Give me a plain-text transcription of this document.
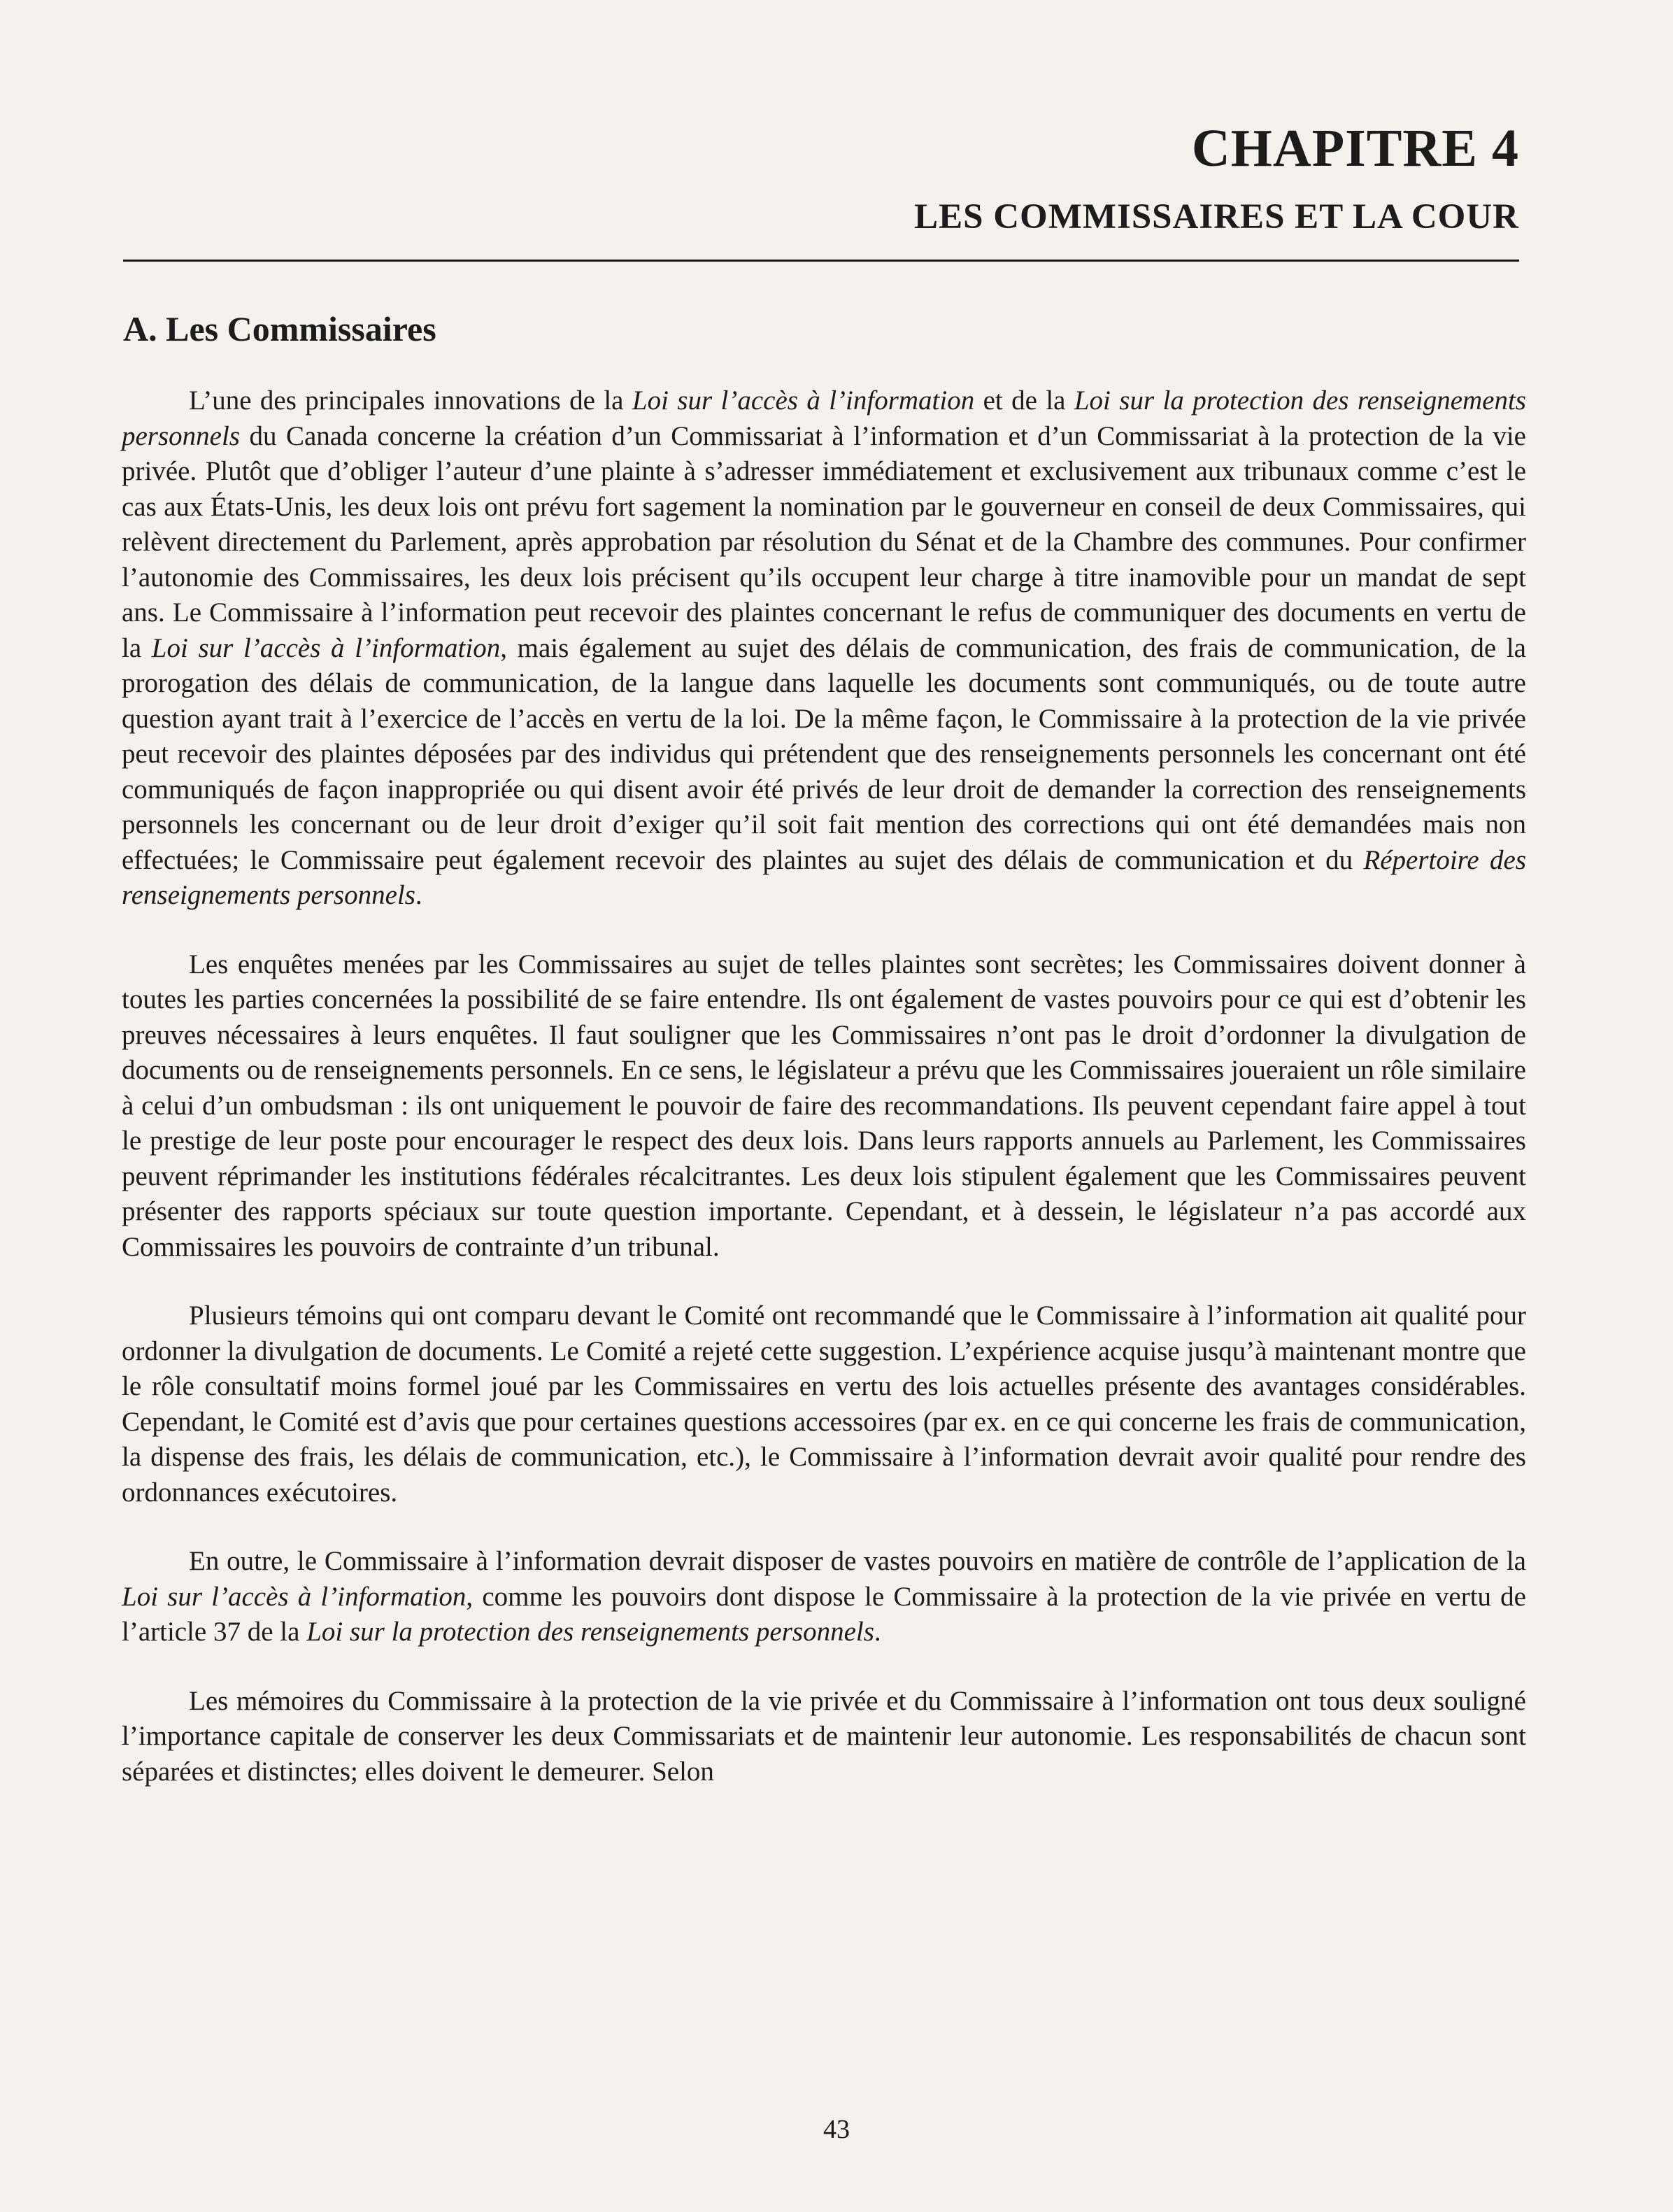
CHAPITRE 4
LES COMMISSAIRES ET LA COUR
A. Les Commissaires

L’une des principales innovations de la Loi sur l’accès à l’information et de la Loi sur la protection des renseignements personnels du Canada concerne la création d’un Commissariat à l’information et d’un Commissariat à la protection de la vie privée. Plutôt que d’obliger l’auteur d’une plainte à s’adresser immédiatement et exclusivement aux tribunaux comme c’est le cas aux États-Unis, les deux lois ont prévu fort sagement la nomination par le gouverneur en conseil de deux Commissaires, qui relèvent directement du Parlement, après approbation par résolution du Sénat et de la Chambre des communes. Pour confirmer l’autonomie des Commissaires, les deux lois précisent qu’ils occupent leur charge à titre inamovible pour un mandat de sept ans. Le Commissaire à l’information peut recevoir des plaintes concernant le refus de communiquer des documents en vertu de la Loi sur l’accès à l’information, mais également au sujet des délais de communication, des frais de communication, de la prorogation des délais de communication, de la langue dans laquelle les documents sont communiqués, ou de toute autre question ayant trait à l’exercice de l’accès en vertu de la loi. De la même façon, le Commissaire à la protection de la vie privée peut recevoir des plaintes déposées par des individus qui prétendent que des renseignements personnels les concernant ont été communiqués de façon inappropriée ou qui disent avoir été privés de leur droit de demander la correction des renseignements personnels les concernant ou de leur droit d’exiger qu’il soit fait mention des corrections qui ont été demandées mais non effectuées; le Commissaire peut également recevoir des plaintes au sujet des délais de communication et du Répertoire des renseignements personnels.

Les enquêtes menées par les Commissaires au sujet de telles plaintes sont secrètes; les Commissaires doivent donner à toutes les parties concernées la possibilité de se faire entendre. Ils ont également de vastes pouvoirs pour ce qui est d’obtenir les preuves nécessaires à leurs enquêtes. Il faut souligner que les Commissaires n’ont pas le droit d’ordonner la divulgation de documents ou de renseignements personnels. En ce sens, le législateur a prévu que les Commissaires joueraient un rôle similaire à celui d’un ombudsman : ils ont uniquement le pouvoir de faire des recommandations. Ils peuvent cependant faire appel à tout le prestige de leur poste pour encourager le respect des deux lois. Dans leurs rapports annuels au Parlement, les Commissaires peuvent réprimander les institutions fédérales récalcitrantes. Les deux lois stipulent également que les Commissaires peuvent présenter des rapports spéciaux sur toute question importante. Cependant, et à dessein, le législateur n’a pas accordé aux Commissaires les pouvoirs de contrainte d’un tribunal.

Plusieurs témoins qui ont comparu devant le Comité ont recommandé que le Commissaire à l’information ait qualité pour ordonner la divulgation de documents. Le Comité a rejeté cette suggestion. L’expérience acquise jusqu’à maintenant montre que le rôle consultatif moins formel joué par les Commissaires en vertu des lois actuelles présente des avantages considérables. Cependant, le Comité est d’avis que pour certaines questions accessoires (par ex. en ce qui concerne les frais de communication, la dispense des frais, les délais de communication, etc.), le Commissaire à l’information devrait avoir qualité pour rendre des ordonnances exécutoires.

En outre, le Commissaire à l’information devrait disposer de vastes pouvoirs en matière de contrôle de l’application de la Loi sur l’accès à l’information, comme les pouvoirs dont dispose le Commissaire à la protection de la vie privée en vertu de l’article 37 de la Loi sur la protection des renseignements personnels.

Les mémoires du Commissaire à la protection de la vie privée et du Commissaire à l’information ont tous deux souligné l’importance capitale de conserver les deux Commissariats et de maintenir leur autonomie. Les responsabilités de chacun sont séparées et distinctes; elles doivent le demeurer. Selon

43
